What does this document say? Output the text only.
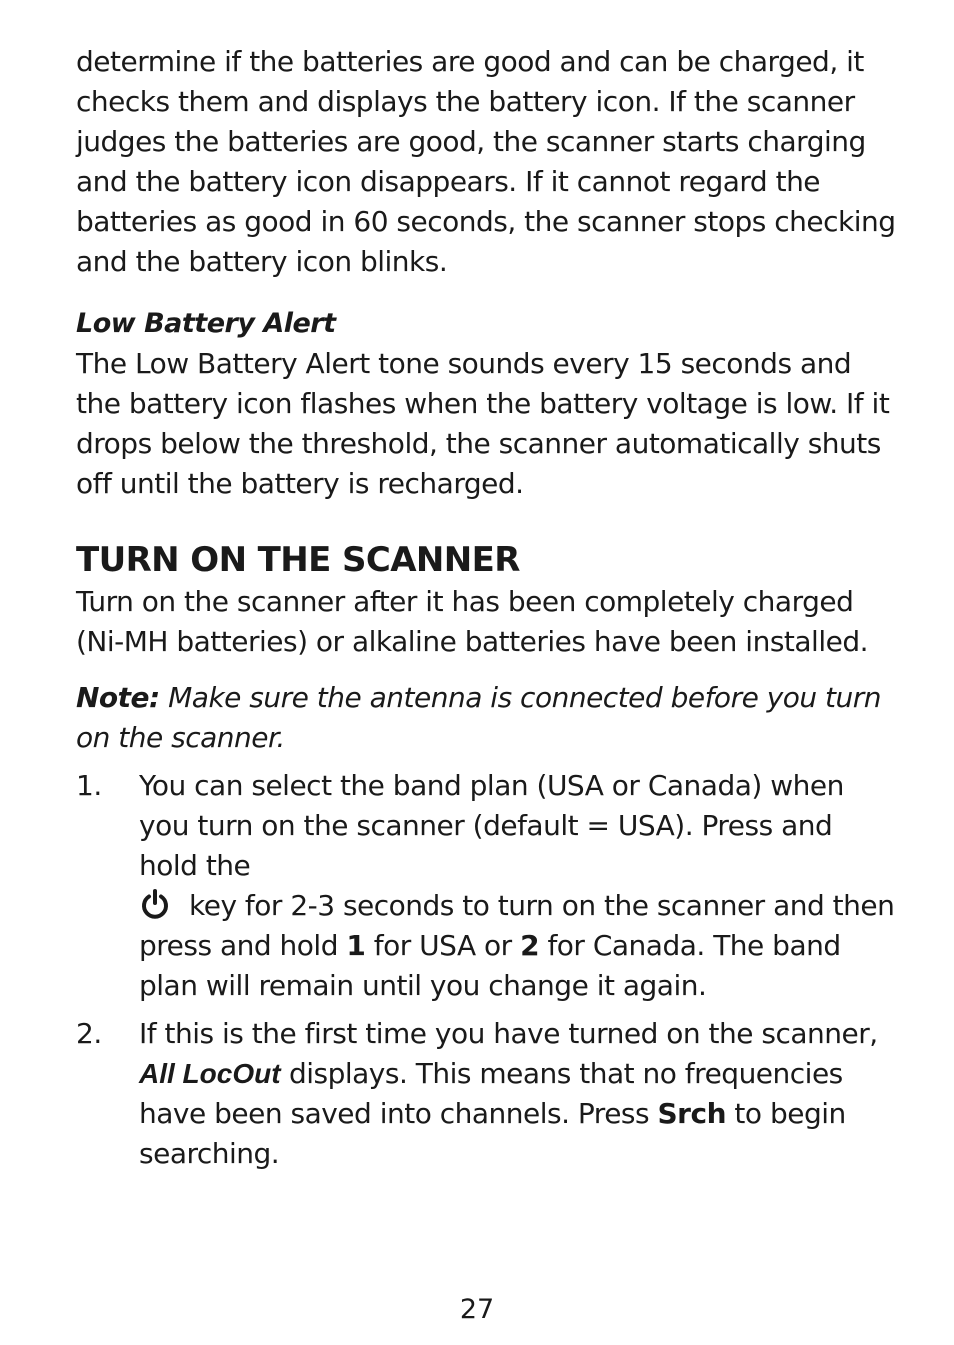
determine if the batteries are good and can be charged, it checks them and displays the battery icon. If the scanner judges the batteries are good, the scanner starts charging and the battery icon disappears. If it cannot regard the batteries as good in 60 seconds, the scanner stops checking and the battery icon blinks.

Low Battery Alert

The Low Battery Alert tone sounds every 15 seconds and the battery icon flashes when the battery voltage is low. If it drops below the threshold, the scanner automatically shuts off until the battery is recharged.

TURN ON THE SCANNER

Turn on the scanner after it has been completely charged (Ni-MH batteries) or alkaline batteries have been installed.

Note: Make sure the antenna is connected before you turn on the scanner.

1. You can select the band plan (USA or Canada) when you turn on the scanner (default = USA). Press and hold the
key for 2-3 seconds to turn on the scanner and then press and hold 1 for USA or 2 for Canada. The band plan will remain until you change it again.
2. If this is the first time you have turned on the scanner, All LocOut displays. This means that no frequencies have been saved into channels. Press Srch to begin searching.
27
